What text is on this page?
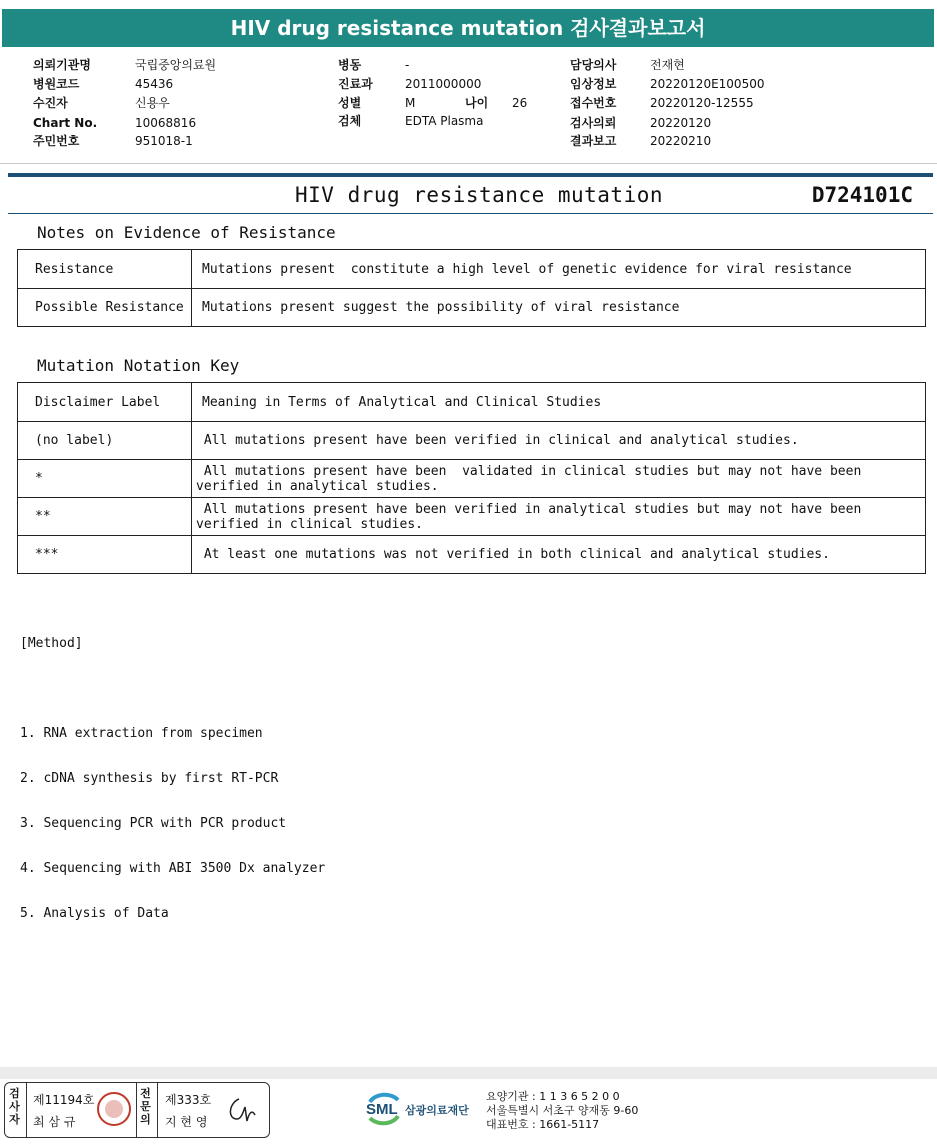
HIV drug resistance mutation 검사결과보고서
의뢰기관명	국립중앙의료원
병원코드	45436
수진자	신용우
Chart No.	10068816
주민번호	951018-1
병동	-
진료과	2011000000
성별	M	나이 26
검체	EDTA Plasma
담당의사	전재현
임상정보	20220120E100500
접수번호	20220120-12555
검사의뢰	20220120
결과보고	20220210
HIV drug resistance mutation	D724101C
Notes on Evidence of Resistance
Resistance	Mutations present  constitute a high level of genetic evidence for viral resistance
Possible Resistance	Mutations present suggest the possibility of viral resistance
Mutation Notation Key
Disclaimer Label	Meaning in Terms of Analytical and Clinical Studies
(no label)	All mutations present have been verified in clinical and analytical studies.
*	All mutations present have been  validated in clinical studies but may not have been verified in analytical studies.
**	All mutations present have been verified in analytical studies but may not have been verified in clinical studies.
***	At least one mutations was not verified in both clinical and analytical studies.

[Method]

1. RNA extraction from specimen

2. cDNA synthesis by first RT-PCR

3. Sequencing PCR with PCR product

4. Sequencing with ABI 3500 Dx analyzer

5. Analysis of Data

검사자
제11194호
최 삼 규
전문의
제333호
지 현 영
SML 삼광의료재단
요양기관 : 1 1 3 6 5 2 0 0
서울특별시 서초구 양재동 9-60
대표번호 : 1661-5117
